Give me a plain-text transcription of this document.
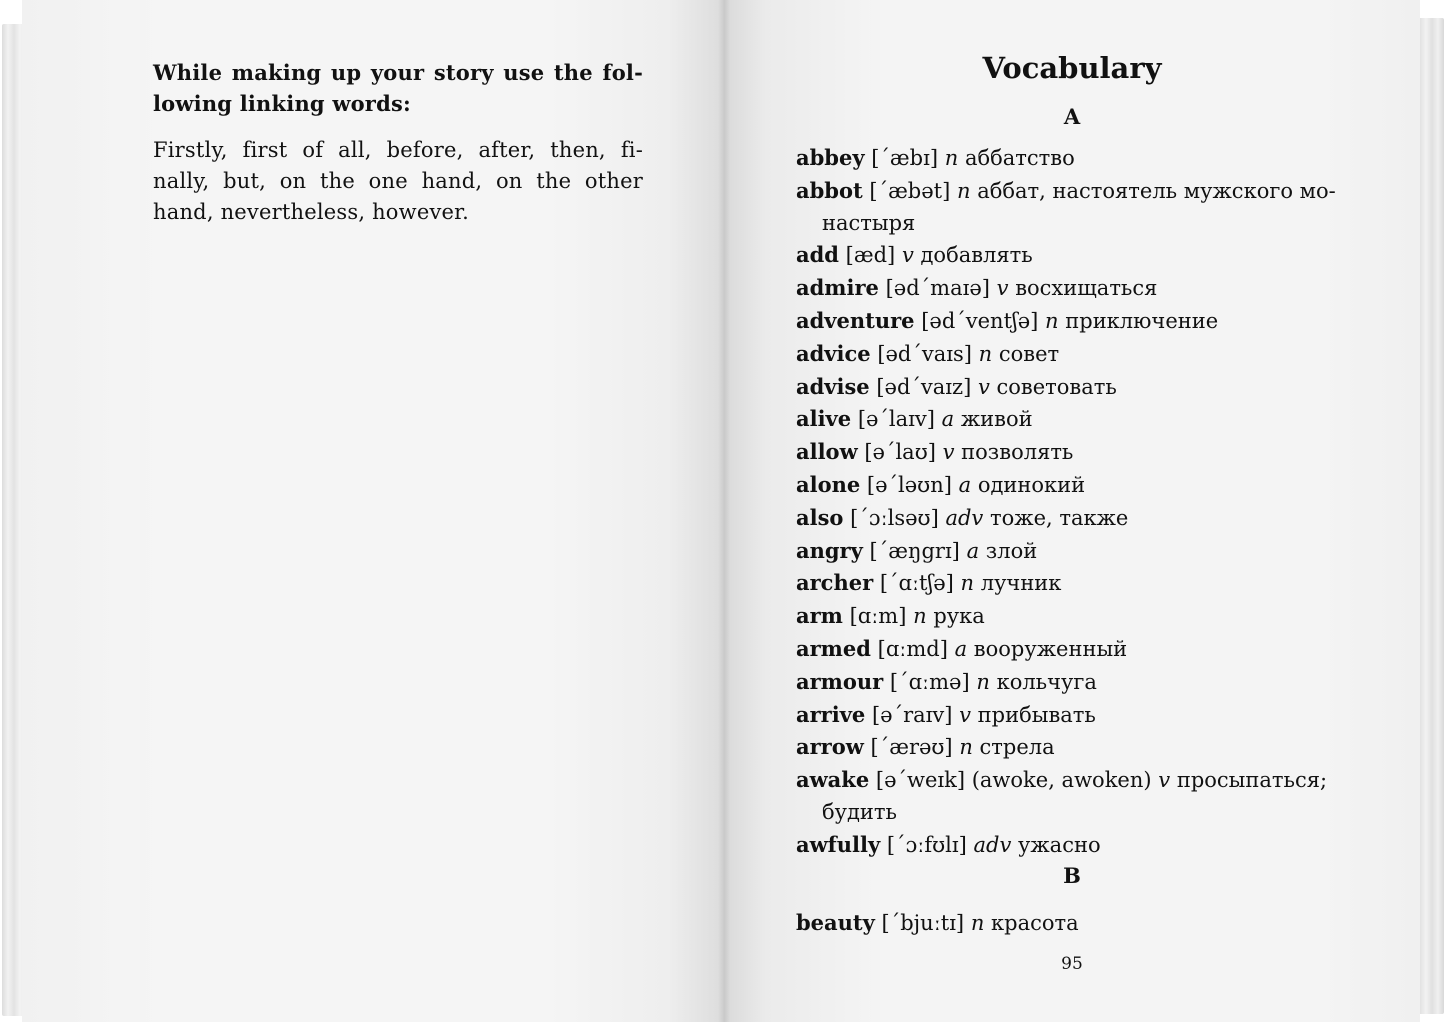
While making up your story use the fol-
lowing linking words:
Firstly, first of all, before, after, then, fi-
nally, but, on the one hand, on the other
hand, nevertheless, however.
Vocabulary
A
abbey [ˊæbɪ] n аббатство
abbot [ˊæbət] n аббат, настоятель мужского мо-
настыря
add [æd] v добавлять
admire [ədˊmaɪə] v восхищаться
adventure [ədˊventʃə] n приключение
advice [ədˊvaɪs] n совет
advise [ədˊvaɪz] v советовать
alive [əˊlaɪv] a живой
allow [əˊlaʊ] v позволять
alone [əˊləʊn] a одинокий
also [ˊɔːlsəʊ] adv тоже, также
angry [ˊæŋgrɪ] a злой
archer [ˊɑːtʃə] n лучник
arm [ɑːm] n рука
armed [ɑːmd] a вооруженный
armour [ˊɑːmə] n кольчуга
arrive [əˊraɪv] v прибывать
arrow [ˊærəʊ] n стрела
awake [əˊweɪk] (awoke, awoken) v просыпаться;
будить
awfully [ˊɔːfʊlɪ] adv ужасно
B
beauty [ˊbjuːtɪ] n красота
95
